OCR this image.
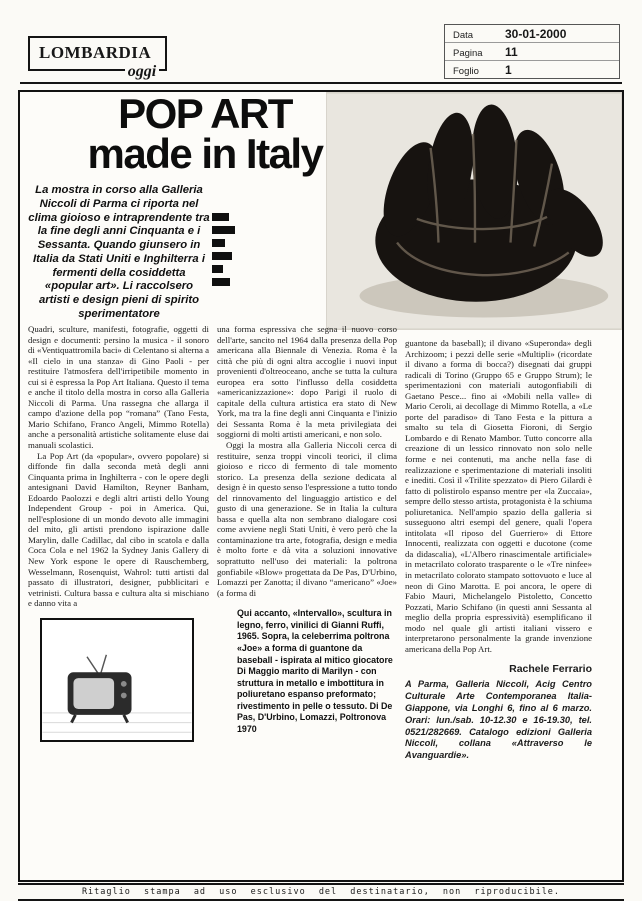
LOMBARDIA
oggi
Data	30-01-2000
Pagina	11
Foglio	1
POP ART
made in Italy
La mostra in corso alla Galleria Niccoli di Parma ci riporta nel clima gioioso e intraprendente tra la fine degli anni Cinquanta e i Sessanta. Quando giunsero in Italia da Stati Uniti e Inghilterra i fermenti della cosiddetta «popular art». Li raccolsero artisti e design pieni di spirito sperimentatore

Quadri, sculture, manifesti, fotografie, oggetti di design e documenti: persino la musica - il sonoro di «Ventiquattromila baci» di Celentano si alterna a «Il cielo in una stanza» di Gino Paoli - per restituire l'atmosfera dell'irripetibile momento in cui si è espressa la Pop Art Italiana. Questo il tema e anche il titolo della mostra in corso alla Galleria Niccoli di Parma. Una rassegna che allarga il campo d'azione della pop “romana” (Tano Festa, Mario Schifano, Franco Angeli, Mimmo Rotella) anche a personalità artistiche solitamente eluse dai manuali scolastici.

La Pop Art (da «popular», ovvero popolare) si diffonde fin dalla seconda metà degli anni Cinquanta prima in Inghilterra - con le opere degli antesignani David Hamilton, Reyner Banham, Edoardo Paolozzi e degli altri artisti dello Young Independent Group - poi in America. Qui, nell'esplosione di un mondo devoto alle immagini del mito, gli artisti prendono ispirazione dalle Marylin, dalle Cadillac, dal cibo in scatola e dalla Coca Cola e nel 1962 la Sydney Janis Gallery di New York espone le opere di Rauschemberg, Wesselmann, Rosenquist, Wahrol: tutti artisti dal passato di illustratori, designer, pubblicitari e vetrinisti. Cultura bassa e cultura alta si mischiano e danno vita a

una forma espressiva che segna il nuovo corso dell'arte, sancito nel 1964 dalla presenza della Pop americana alla Biennale di Venezia. Roma è la città che più di ogni altra accoglie i nuovi input provenienti d'oltreoceano, anche se tutta la cultura europea era sotto l'influsso della cosiddetta «americanizzazione»: dopo Parigi il ruolo di capitale della cultura artistica era stato di New York, ma tra la fine degli anni Cinquanta e l'inizio dei Sessanta Roma è la meta privilegiata dei soggiorni di molti artisti americani, e non solo.

Oggi la mostra alla Galleria Niccoli cerca di restituire, senza troppi vincoli teorici, il clima gioioso e ricco di fermento di tale momento storico. La presenza della sezione dedicata al design è in questo senso l'espressione a tutto tondo del rinnovamento del linguaggio artistico e del gusto di una generazione. Se in Italia la cultura bassa e quella alta non sembrano dialogare così come avviene negli Stati Uniti, è vero però che la contaminazione tra arte, fotografia, design e media è molto forte e dà vita a soluzioni innovative soprattutto nell'uso dei materiali: la poltrona gonfiabile «Blow» progettata da De Pas, D'Urbino, Lomazzi per Zanotta; il divano “americano” «Joe» (a forma di

Qui accanto, «Intervallo», scultura in legno, ferro, vinilici di Gianni Ruffi, 1965. Sopra, la celeberrima poltrona «Joe» a forma di guantone da baseball - ispirata al mitico giocatore Di Maggio marito di Marilyn - con struttura in metallo e imbottitura in poliuretano espanso preformato; rivestimento in pelle o tessuto. Di De Pas, D'Urbino, Lomazzi, Poltronova 1970

guantone da baseball); il divano «Superonda» degli Archizoom; i pezzi delle serie «Multipli» (ricordate il divano a forma di bocca?) disegnati dai gruppi radicali di Torino (Gruppo 65 e Gruppo Strum); le sperimentazioni con materiali autogonfiabili di Gaetano Pesce... fino ai «Mobili nella valle» di Mario Ceroli, ai decollage di Mimmo Rotella, a «Le porte del paradiso» di Tano Festa e la pittura a smalto su tela di Giosetta Fioroni, di Sergio Lombardo e di Renato Mambor. Tutto concorre alla creazione di un lessico rinnovato non solo nelle forme e nei contenuti, ma anche nella fase di realizzazione e sperimentazione di materiali insoliti e inediti. Così il «Trilite spezzato» di Piero Gilardi è fatto di polistirolo espanso mentre per «la Zuccaia», sempre dello stesso artista, protagonista è la schiuma poliuretanica. Nell'ampio spazio della galleria si susseguono altri esempi del genere, quali l'opera intitolata «Il riposo del Guerriero» di Ettore Innocenti, realizzata con oggetti e ducotone (come da didascalia), «L'Albero rinascimentale artificiale» in metacrilato colorato trasparente o le «Tre ninfee» in metacrilato colorato stampato sottovuoto e luce al neon di Gino Marotta. E poi ancora, le opere di Fabio Mauri, Michelangelo Pistoletto, Concetto Pozzati, Mario Schifano (in questi anni Sessanta al meglio della propria espressività) esemplificano il modo nel quale gli artisti italiani vissero e interpretarono personalmente la grande invenzione americana della Pop Art.

Rachele Ferrario
A Parma, Galleria Niccoli, Acig Centro Culturale Arte Contemporanea Italia-Giappone, via Longhi 6, fino al 6 marzo. Orari: lun./sab. 10-12.30 e 16-19.30, tel. 0521/282669. Catalogo edizioni Galleria Niccoli, collana «Attraverso le Avanguardie».
Ritaglio stampa ad uso esclusivo del destinatario, non riproducibile.
